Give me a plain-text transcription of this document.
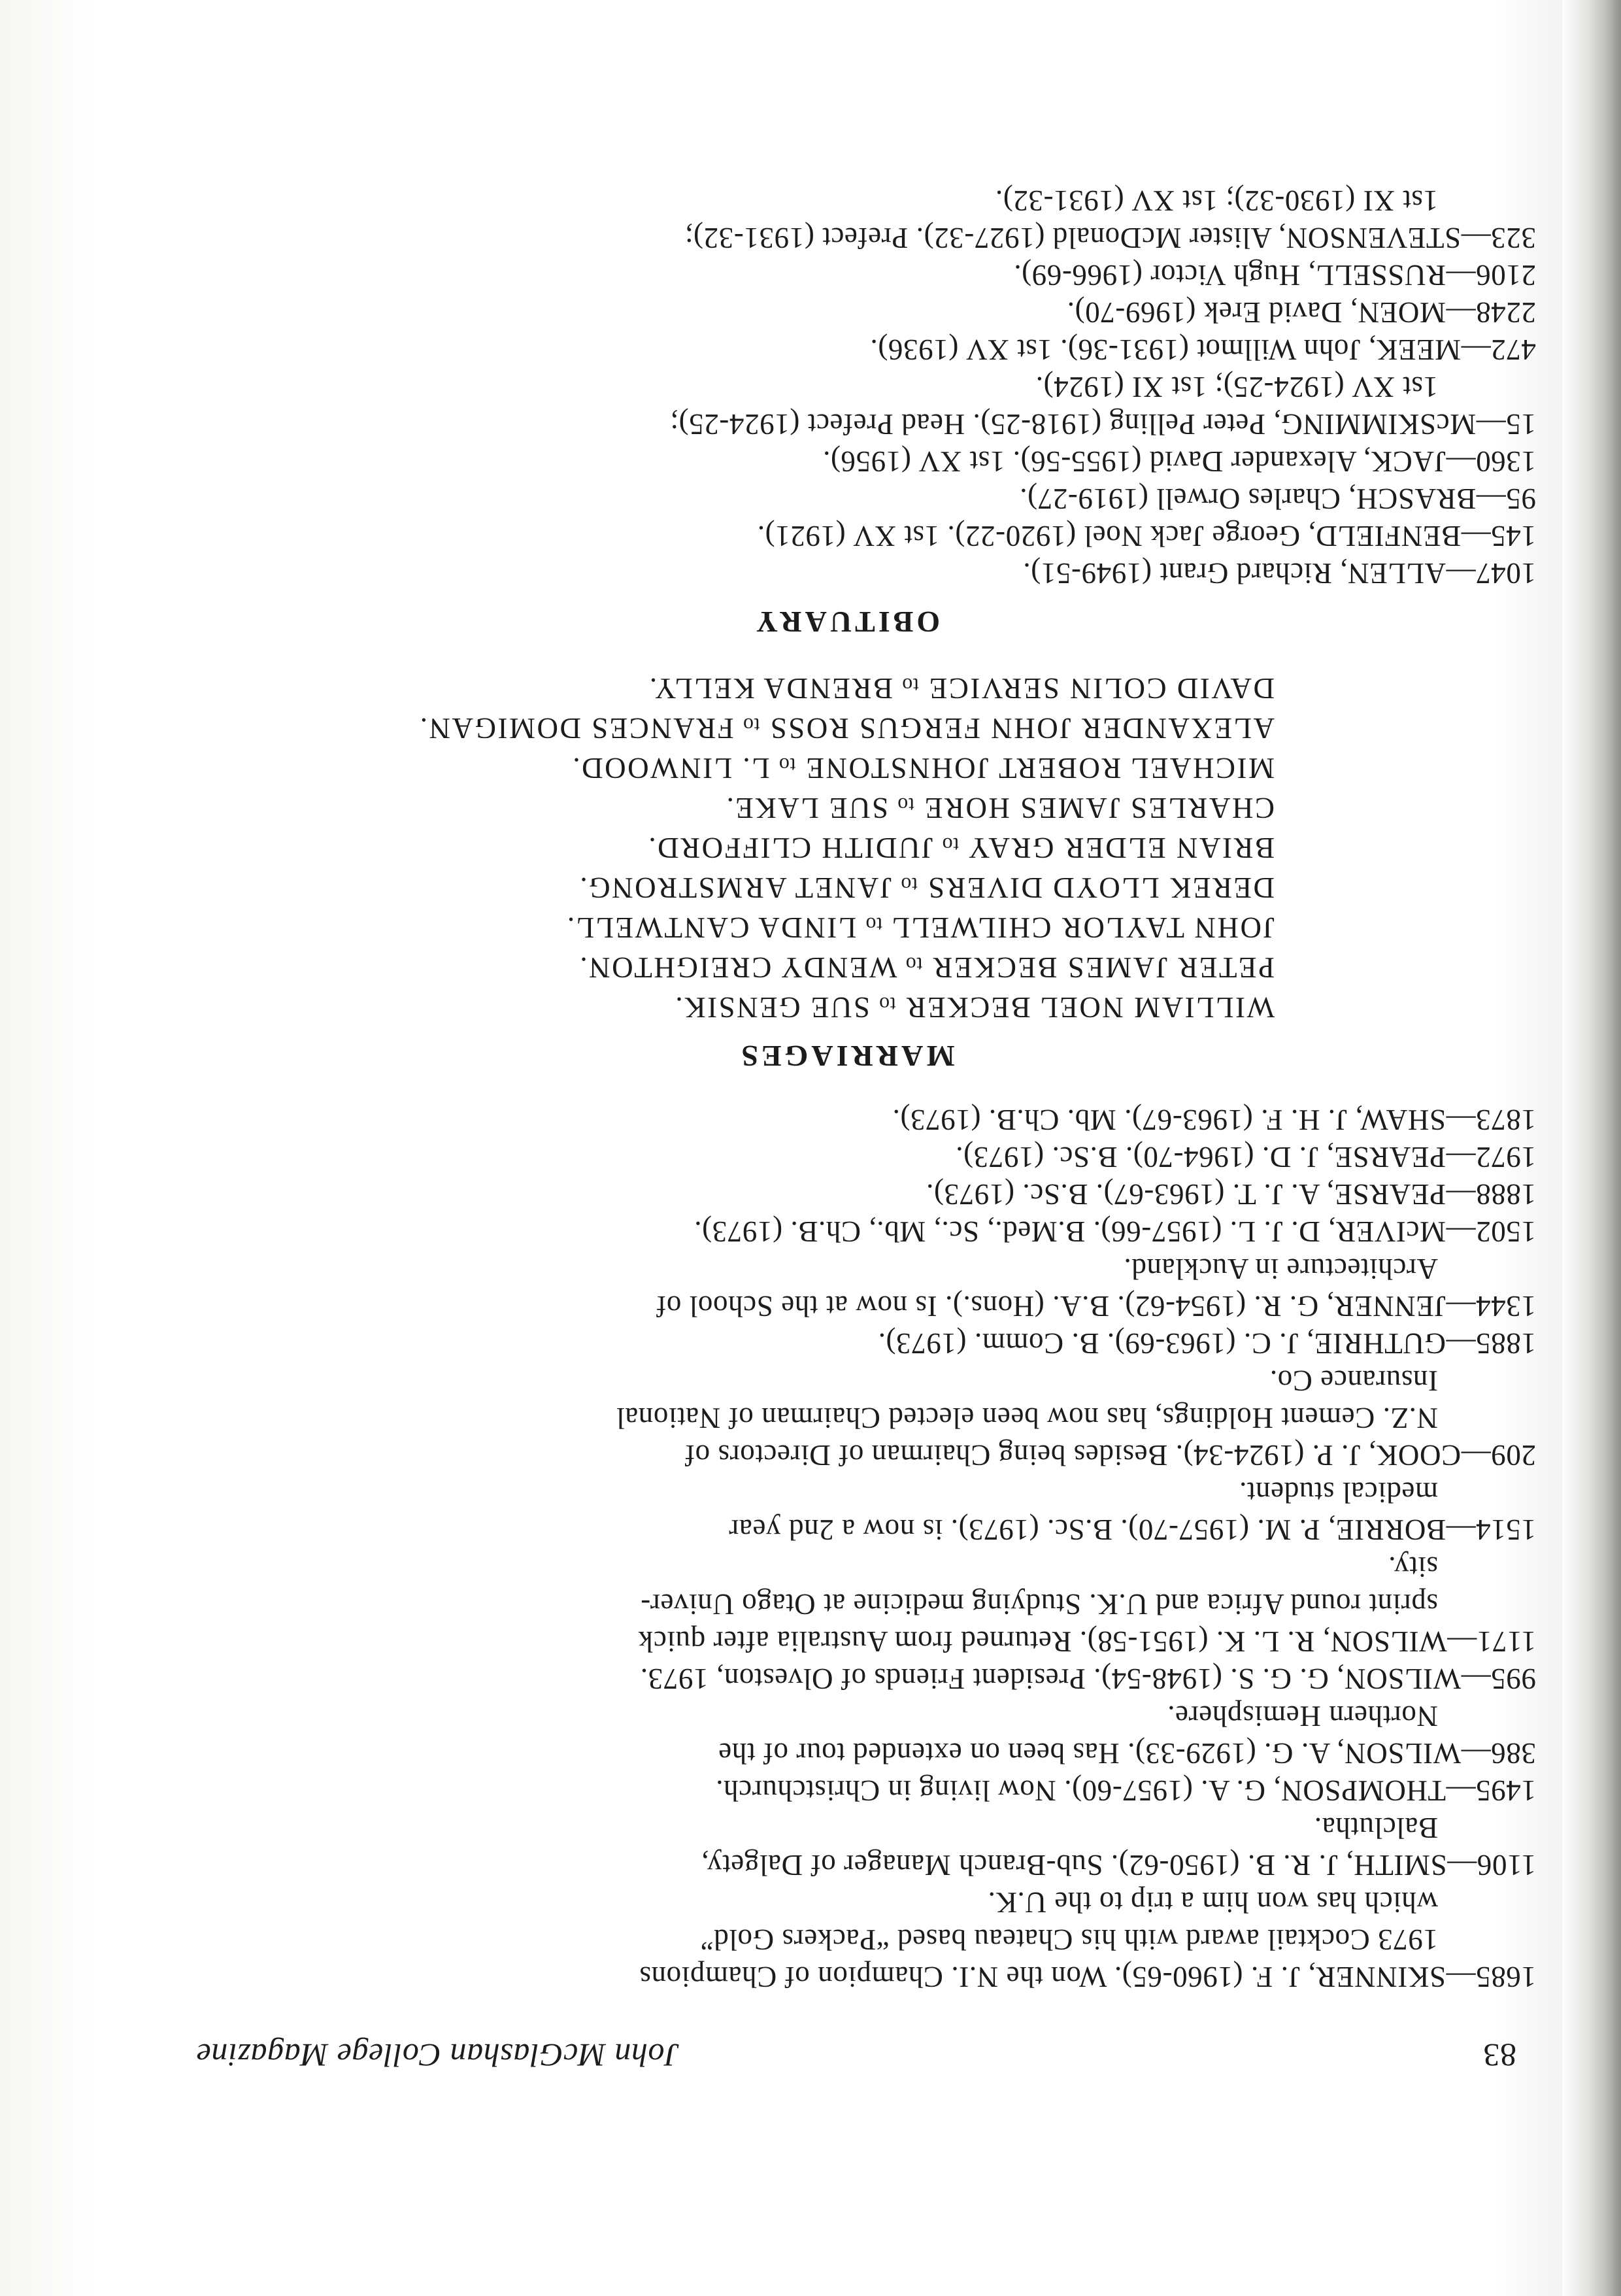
83
John McGlashan College Magazine

1685—SKINNER, J. F. (1960-65). Won the N.I. Champion of Champions

1973 Cocktail award with his Chateau based “Packers Gold”
which has won him a trip to the U.K.

1106—SMITH, J. R. B. (1950-62). Sub-Branch Manager of Dalgety,

Balclutha.

1495—THOMPSON, G. A. (1957-60). Now living in Christchurch.

386—WILSON, A. G. (1929-33). Has been on extended tour of the

Northern Hemisphere.

995—WILSON, G. G. S. (1948-54). President Friends of Olveston, 1973.

1171—WILSON, R. L. K. (1951-58). Returned from Australia after quick

sprint round Africa and U.K. Studying medicine at Otago Univer-
sity.

1514—BORRIE, P. M. (1957-70). B.Sc. (1973). is now a 2nd year

medical student.

209—COOK, J. P. (1924-34). Besides being Chairman of Directors of

N.Z. Cement Holdings, has now been elected Chairman of National
Insurance Co.

1885—GUTHRIE, J. C. (1963-69). B. Comm. (1973).

1344—JENNER, G. R. (1954-62). B.A. (Hons.). Is now at the School of

Architecture in Auckland.

1502—McIVER, D. J. L. (1957-66). B.Med., Sc., Mb., Ch.B. (1973).

1888—PEARSE, A. J. T. (1963-67). B.Sc. (1973).

1972—PEARSE, J. D. (1964-70). B.Sc. (1973).

1873—SHAW, J. H. F. (1963-67). Mb. Ch.B. (1973).

MARRIAGES
WILLIAM NOEL BECKER to SUE GENSIK.
PETER JAMES BECKER to WENDY CREIGHTON.
JOHN TAYLOR CHILWELL to LINDA CANTWELL.
DEREK LLOYD DIVERS to JANET ARMSTRONG.
BRIAN ELDER GRAY to JUDITH CLIFFORD.
CHARLES JAMES HORE to SUE LAKE.
MICHAEL ROBERT JOHNSTONE to L. LINWOOD.
ALEXANDER JOHN FERGUS ROSS to FRANCES DOMIGAN.
DAVID COLIN SERVICE to BRENDA KELLY.
OBITUARY

1047—ALLEN, Richard Grant (1949-51).

145—BENFIELD, George Jack Noel (1920-22). 1st XV (1921).

95—BRASCH, Charles Orwell (1919-27).

1360—JACK, Alexander David (1955-56). 1st XV (1956).

15—McSKIMMING, Peter Pelling (1918-25). Head Prefect (1924-25);

1st XV (1924-25); 1st XI (1924).

472—MEEK, John Willmot (1931-36). 1st XV (1936).

2248—MOEN, David Erek (1969-70).

2106—RUSSELL, Hugh Victor (1966-69).

323—STEVENSON, Alister McDonald (1927-32). Prefect (1931-32);

1st XI (1930-32); 1st XV (1931-32).
